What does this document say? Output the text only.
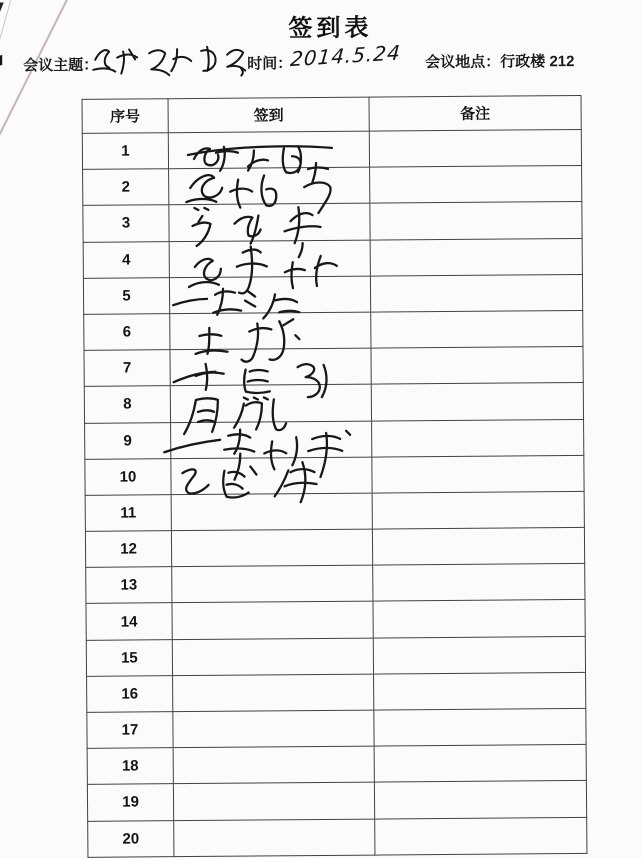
签到表
会议主题：	时间：
2014.5.24 会议地点：行政楼 212
序号	签到	备注
1		
2		
3		
4		
5		
6		
7		
8		
9		
10		
11		
12		
13		
14		
15		
16		
17		
18		
19		
20		
